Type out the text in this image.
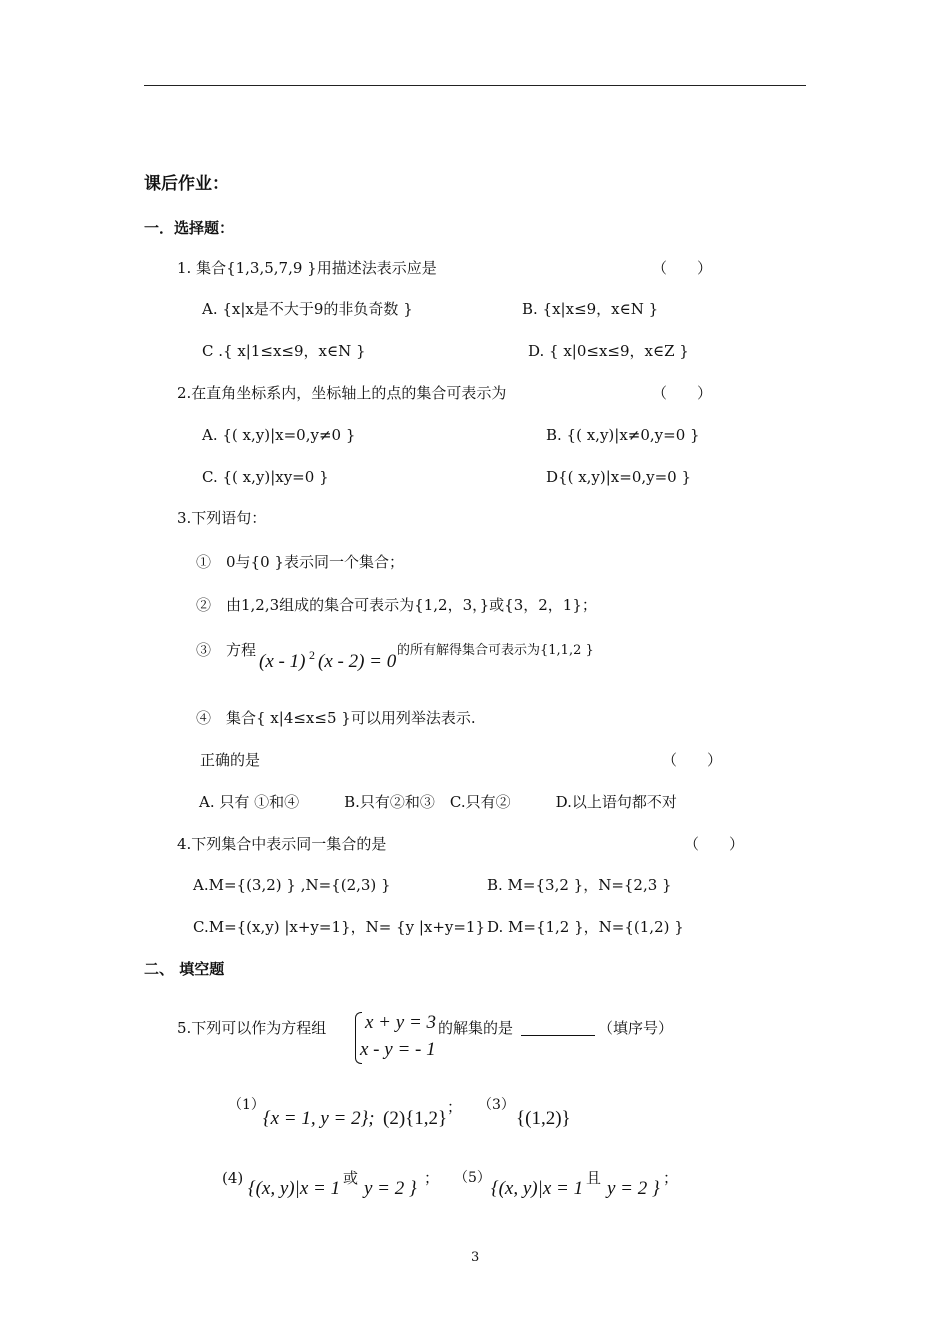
课后作业：
一．选择题：
1. 集合{1,3,5,7,9 }用描述法表示应是	（　　）
A. {x|x是不大于9的非负奇数 }	B. {x|x≤9，x∈N }
C .{ x|1≤x≤9，x∈N }	D. { x|0≤x≤9，x∈Z }
2.在直角坐标系内，坐标轴上的点的集合可表示为	（　　）
A. {( x,y)|x=0,y≠0 }	B. {( x,y)|x≠0,y=0 }
C. {( x,y)|xy=0 }	D{( x,y)|x=0,y=0 }
3.下列语句：
①　0与{0 }表示同一个集合；
②　由1,2,3组成的集合可表示为{1,2，3，}或{3，2，1}；
③　方程
(x - 1) 2 (x - 2) = 0
的所有解得集合可表示为{1,1,2 }
④　集合{ x|4≤x≤5 }可以用列举法表示.
正确的是	（　　）
A. 只有 ①和④　　　B.只有②和③　C.只有②　　　D.以上语句都不对
4.下列集合中表示同一集合的是	（　　）
A.M={(3,2) } ,N={(2,3) }	B. M={3,2 }，N={2,3 }
C.M={(x,y) |x+y=1}，N= {y |x+y=1} D. M={1,2 }，N={(1,2) }
二、 填空题
5.下列可以作为方程组 x + y = 3
x - y = - 1
的解集的是	（填序号）
（1）
{x = 1, y = 2}; (2){1,2}
； （3）
{(1,2)}
(4) {(x, y)|x = 1 或 y = 2 } ； （5） {(x, y)|x = 1 且 y = 2 } ；
3
